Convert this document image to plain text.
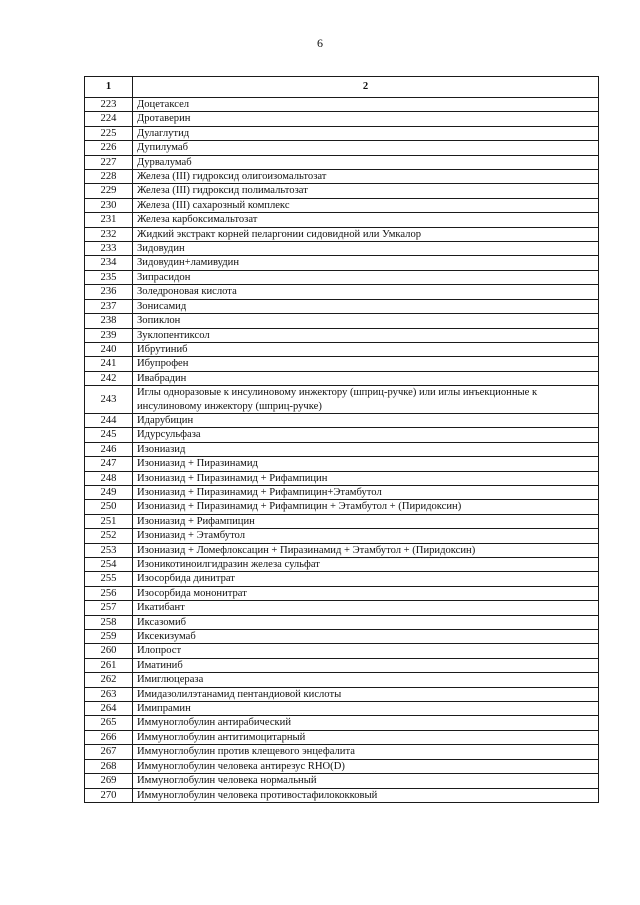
6
1	2
223	Доцетаксел
224	Дротаверин
225	Дулаглутид
226	Дупилумаб
227	Дурвалумаб
228	Железа (III) гидроксид олигоизомальтозат
229	Железа (III) гидроксид полимальтозат
230	Железа (III) сахарозный комплекс
231	Железа карбоксимальтозат
232	Жидкий экстракт корней пеларгонии сидовидной или Умкалор
233	Зидовудин
234	Зидовудин+ламивудин
235	Зипрасидон
236	Золедроновая кислота
237	Зонисамид
238	Зопиклон
239	Зуклопентиксол
240	Ибрутиниб
241	Ибупрофен
242	Ивабрадин
243	Иглы одноразовые к инсулиновому инжектору (шприц-ручке) или иглы инъекционные к инсулиновому инжектору (шприц-ручке)
244	Идарубицин
245	Идурсульфаза
246	Изониазид
247	Изониазид + Пиразинамид
248	Изониазид + Пиразинамид + Рифампицин
249	Изониазид + Пиразинамид + Рифампицин+Этамбутол
250	Изониазид + Пиразинамид + Рифампицин + Этамбутол + (Пиридоксин)
251	Изониазид + Рифампицин
252	Изониазид + Этамбутол
253	Изониазид + Ломефлоксацин + Пиразинамид + Этамбутол + (Пиридоксин)
254	Изоникотиноилгидразин железа сульфат
255	Изосорбида динитрат
256	Изосорбида мононитрат
257	Икатибант
258	Иксазомиб
259	Иксекизумаб
260	Илопрост
261	Иматиниб
262	Имиглюцераза
263	Имидазолилэтанамид пентандиовой кислоты
264	Имипрамин
265	Иммуноглобулин антирабический
266	Иммуноглобулин антитимоцитарный
267	Иммуноглобулин против клещевого энцефалита
268	Иммуноглобулин человека антирезус RHO(D)
269	Иммуноглобулин человека нормальный
270	Иммуноглобулин человека противостафилококковый
